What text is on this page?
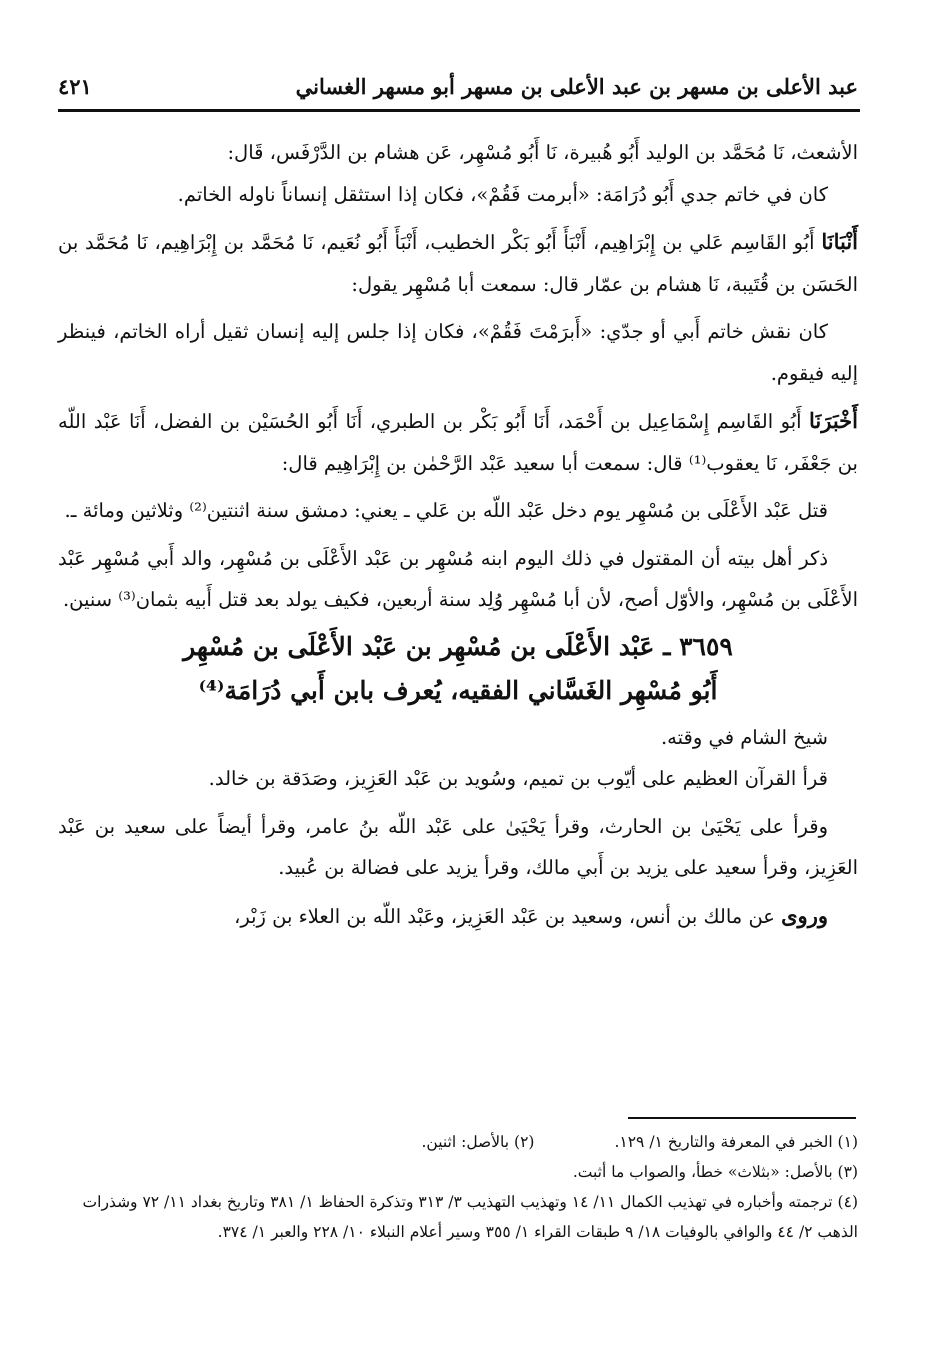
عبد الأعلى بن مسهر بن عبد الأعلى بن مسهر أبو مسهر الغساني
٤٢١

الأشعث، نَا مُحَمَّد بن الوليد أَبُو هُبيرة، نَا أَبُو مُسْهِر، عَن هشام بن الدَّرْفَس، قَال:

كان في خاتم جدي أَبُو دُرَامَة: «أبرمت فَقُمْ»، فكان إذا استثقل إنساناً ناوله الخاتم.

أَنْبَانَا أَبُو القَاسِم عَلي بن إِبْرَاهِيم، أَنْبَأَ أَبُو بَكْر الخطيب، أَنْبَأَ أَبُو نُعَيم، نَا مُحَمَّد بن إِبْرَاهِيم، نَا مُحَمَّد بن الحَسَن بن قُتَيبة، نَا هشام بن عمّار قال: سمعت أبا مُسْهِر يقول:

كان نقش خاتم أَبي أو جدّي: «أَبرَمْتَ فَقُمْ»، فكان إذا جلس إليه إنسان ثقيل أراه الخاتم، فينظر إليه فيقوم.

أَخْبَرَنَا أَبُو القَاسِم إِسْمَاعِيل بن أَحْمَد، أَنَا أَبُو بَكْر بن الطبري، أَنَا أَبُو الحُسَيْن بن الفضل، أَنَا عَبْد اللّه بن جَعْفَر، نَا يعقوب⁽¹⁾ قال: سمعت أبا سعيد عَبْد الرَّحْمٰن بن إِبْرَاهِيم قال:

قتل عَبْد الأَعْلَى بن مُسْهِر يوم دخل عَبْد اللّه بن عَلي ـ يعني: دمشق سنة اثنتين⁽²⁾ وثلاثين ومائة ـ.

ذكر أهل بيته أن المقتول في ذلك اليوم ابنه مُسْهِر بن عَبْد الأَعْلَى بن مُسْهِر، والد أَبي مُسْهِر عَبْد الأَعْلَى بن مُسْهِر، والأوّل أصح، لأن أبا مُسْهِر وُلِد سنة أربعين، فكيف يولد بعد قتل أَبيه بثمان⁽³⁾ سنين.

٣٦٥٩ ـ عَبْد الأَعْلَى بن مُسْهِر بن عَبْد الأَعْلَى بن مُسْهِر

أَبُو مُسْهِر الغَسَّاني الفقيه، يُعرف بابن أَبي دُرَامَة⁽⁴⁾

شيخ الشام في وقته.

قرأ القرآن العظيم على أيّوب بن تميم، وسُويد بن عَبْد العَزِيز، وصَدَقة بن خالد.

وقرأ على يَحْيَىٰ بن الحارث، وقرأ يَحْيَىٰ على عَبْد اللّه بنُ عامر، وقرأ أيضاً على سعيد بن عَبْد العَزِيز، وقرأ سعيد على يزيد بن أَبي مالك، وقرأ يزيد على فضالة بن عُبيد.

وروى عن مالك بن أنس، وسعيد بن عَبْد العَزِيز، وعَبْد اللّه بن العلاء بن زَبْر،

(١) الخبر في المعرفة والتاريخ ١/ ١٢٩.

(٢) بالأصل: اثنين.

(٣) بالأصل: «بثلاث» خطأ، والصواب ما أثبت.

(٤) ترجمته وأخباره في تهذيب الكمال ١١/ ١٤ وتهذيب التهذيب ٣/ ٣١٣ وتذكرة الحفاظ ١/ ٣٨١ وتاريخ بغداد ١١/ ٧٢ وشذرات الذهب ٢/ ٤٤ والوافي بالوفيات ١٨/ ٩ طبقات القراء ١/ ٣٥٥ وسير أعلام النبلاء ١٠/ ٢٢٨ والعبر ١/ ٣٧٤.
